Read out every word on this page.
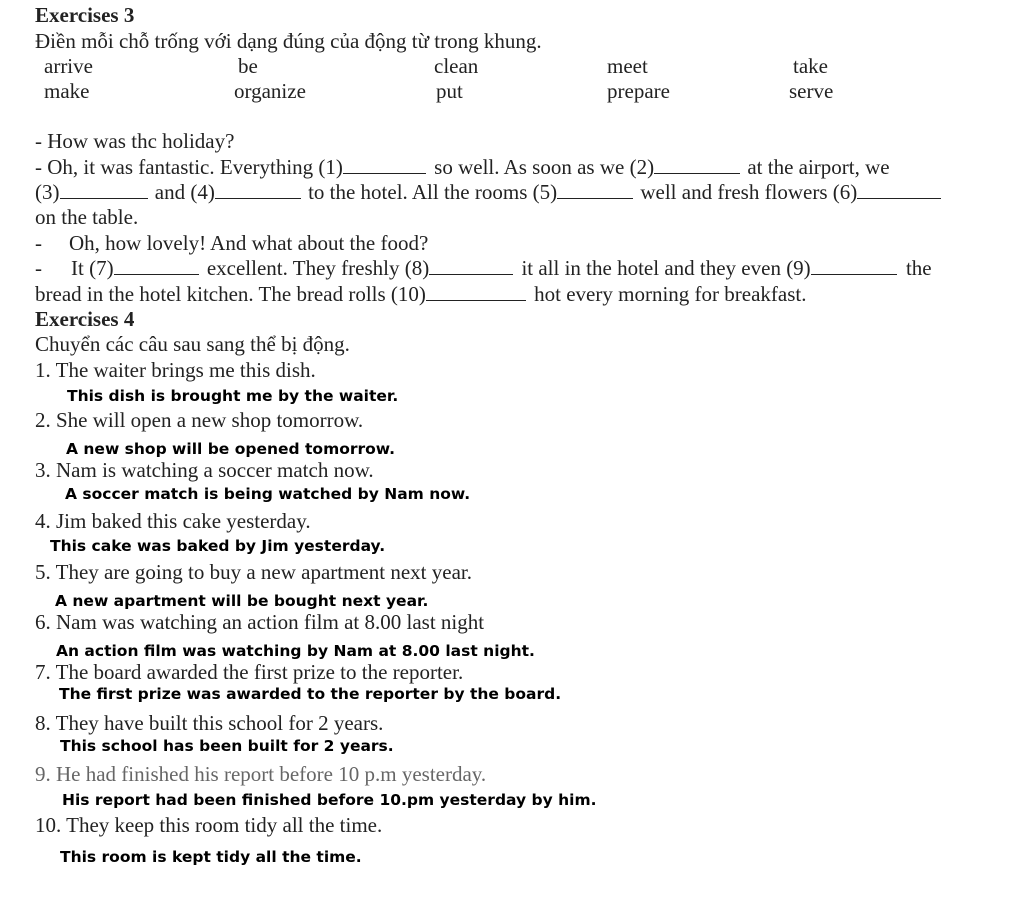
Exercises 3
Điền mỗi chỗ trống với dạng đúng của động từ trong khung.
arrive	be	clean	meet	take
make	organize	put	prepare	serve
- How was thc holiday?
- Oh, it was fantastic. Everything (1)	so well. As soon as we (2)	at the airport, we
(3)	and (4)	to the hotel. All the rooms (5)	well and fresh flowers (6)
on the table.
- Oh, how lovely! And what about the food?
- It (7)	excellent. They freshly (8)	it all in the hotel and they even (9)	the
bread in the hotel kitchen. The bread rolls (10)	hot every morning for breakfast.
Exercises 4
Chuyển các câu sau sang thể bị động.
1. The waiter brings me this dish.
This dish is brought me by the waiter.
2. She will open a new shop tomorrow.
A new shop will be opened tomorrow.
3. Nam is watching a soccer match now.
A soccer match is being watched by Nam now.
4. Jim baked this cake yesterday.
This cake was baked by Jim yesterday.
5. They are going to buy a new apartment next year.
A new apartment will be bought next year.
6. Nam was watching an action film at 8.00 last night
An action film was watching by Nam at 8.00 last night.
7. The board awarded the first prize to the reporter.
The first prize was awarded to the reporter by the board.
8. They have built this school for 2 years.
This school has been built for 2 years.
9. He had finished his report before 10 p.m yesterday.
His report had been finished before 10.pm yesterday by him.
10. They keep this room tidy all the time.
This room is kept tidy all the time.
